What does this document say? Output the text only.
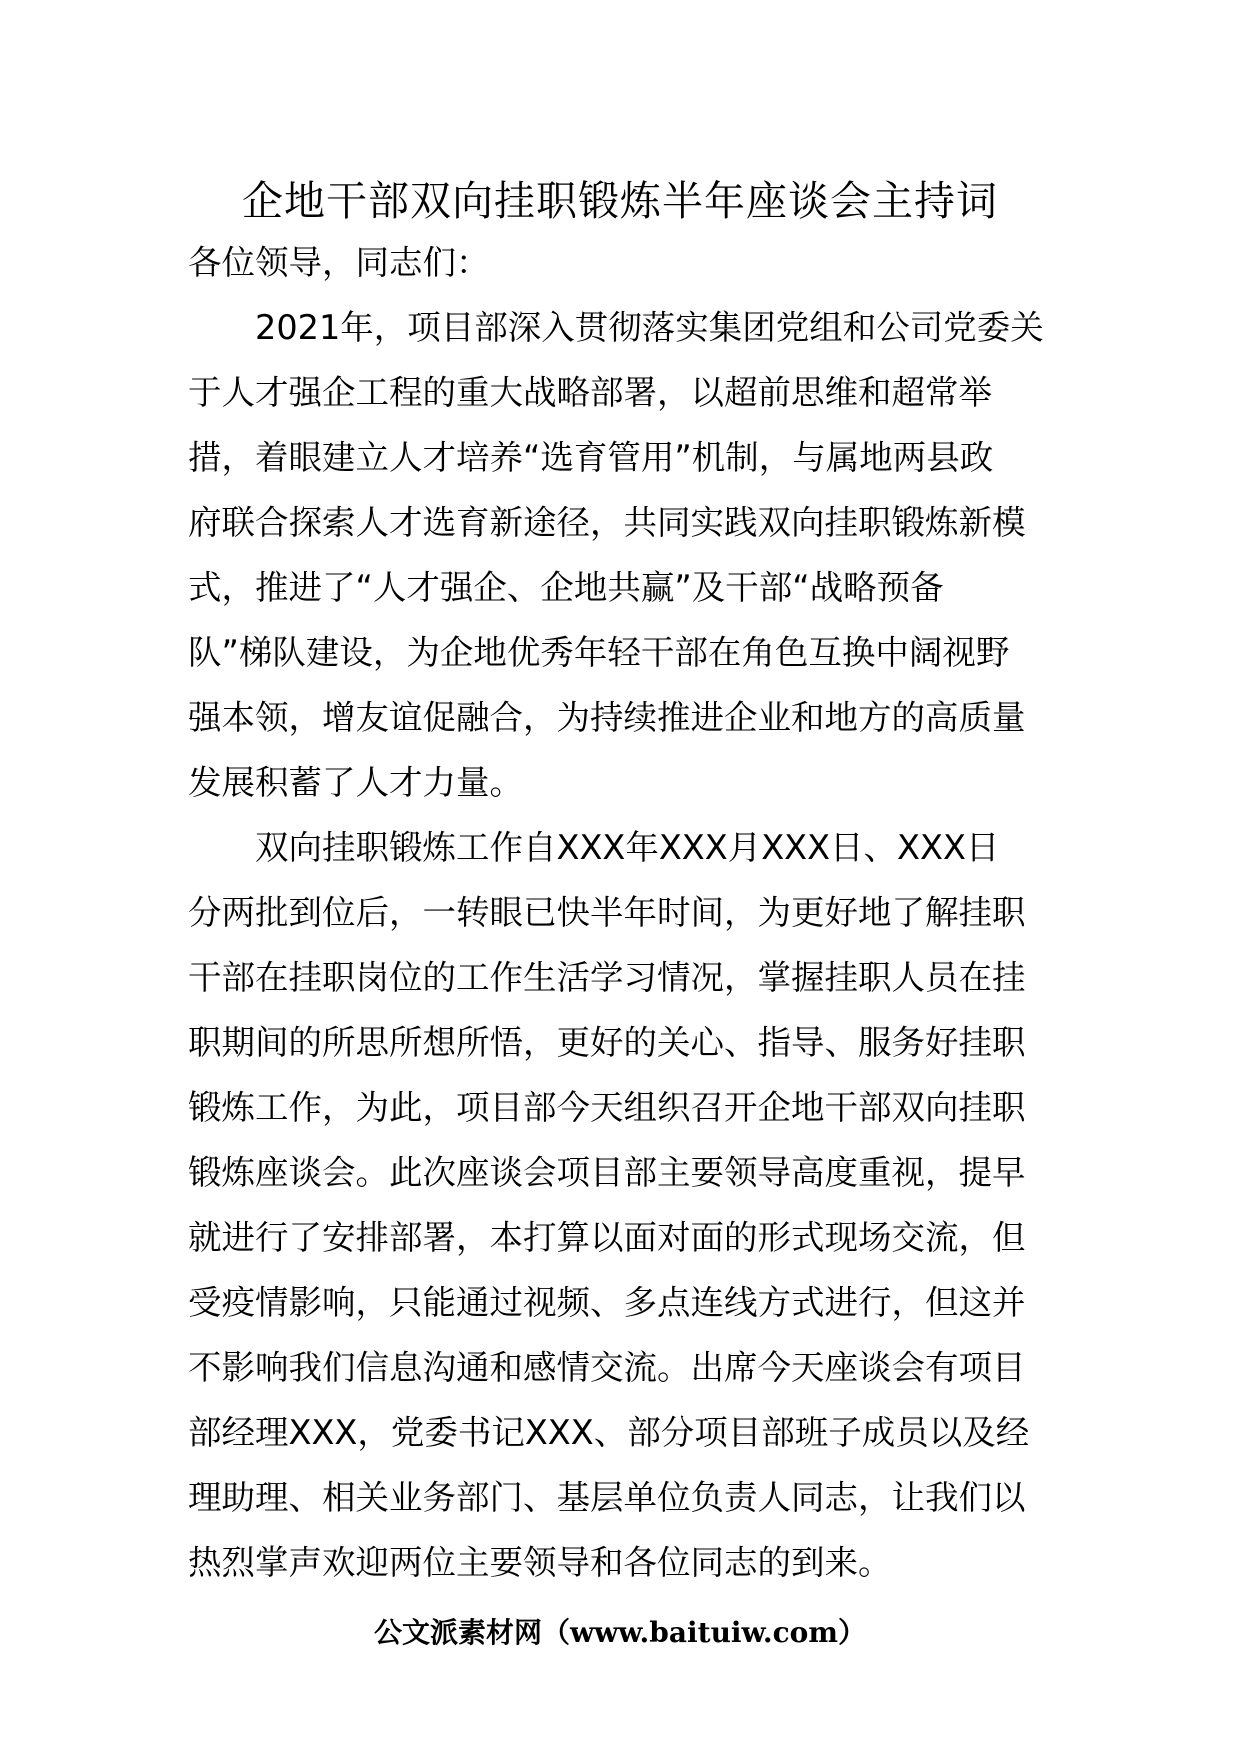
企地干部双向挂职锻炼半年座谈会主持词
各位领导，同志们：
2021年，项目部深入贯彻落实集团党组和公司党委关
于人才强企工程的重大战略部署，以超前思维和超常举
措，着眼建立人才培养“选育管用”机制，与属地两县政
府联合探索人才选育新途径，共同实践双向挂职锻炼新模
式，推进了“人才强企、企地共赢”及干部“战略预备
队”梯队建设，为企地优秀年轻干部在角色互换中阔视野
强本领，增友谊促融合，为持续推进企业和地方的高质量
发展积蓄了人才力量。
双向挂职锻炼工作自XXX年XXX月XXX日、XXX日
分两批到位后，一转眼已快半年时间，为更好地了解挂职
干部在挂职岗位的工作生活学习情况，掌握挂职人员在挂
职期间的所思所想所悟，更好的关心、指导、服务好挂职
锻炼工作，为此，项目部今天组织召开企地干部双向挂职
锻炼座谈会。此次座谈会项目部主要领导高度重视，提早
就进行了安排部署，本打算以面对面的形式现场交流，但
受疫情影响，只能通过视频、多点连线方式进行，但这并
不影响我们信息沟通和感情交流。出席今天座谈会有项目
部经理XXX，党委书记XXX、部分项目部班子成员以及经
理助理、相关业务部门、基层单位负责人同志，让我们以
热烈掌声欢迎两位主要领导和各位同志的到来。
公文派素材网（www.baituiw.com）
